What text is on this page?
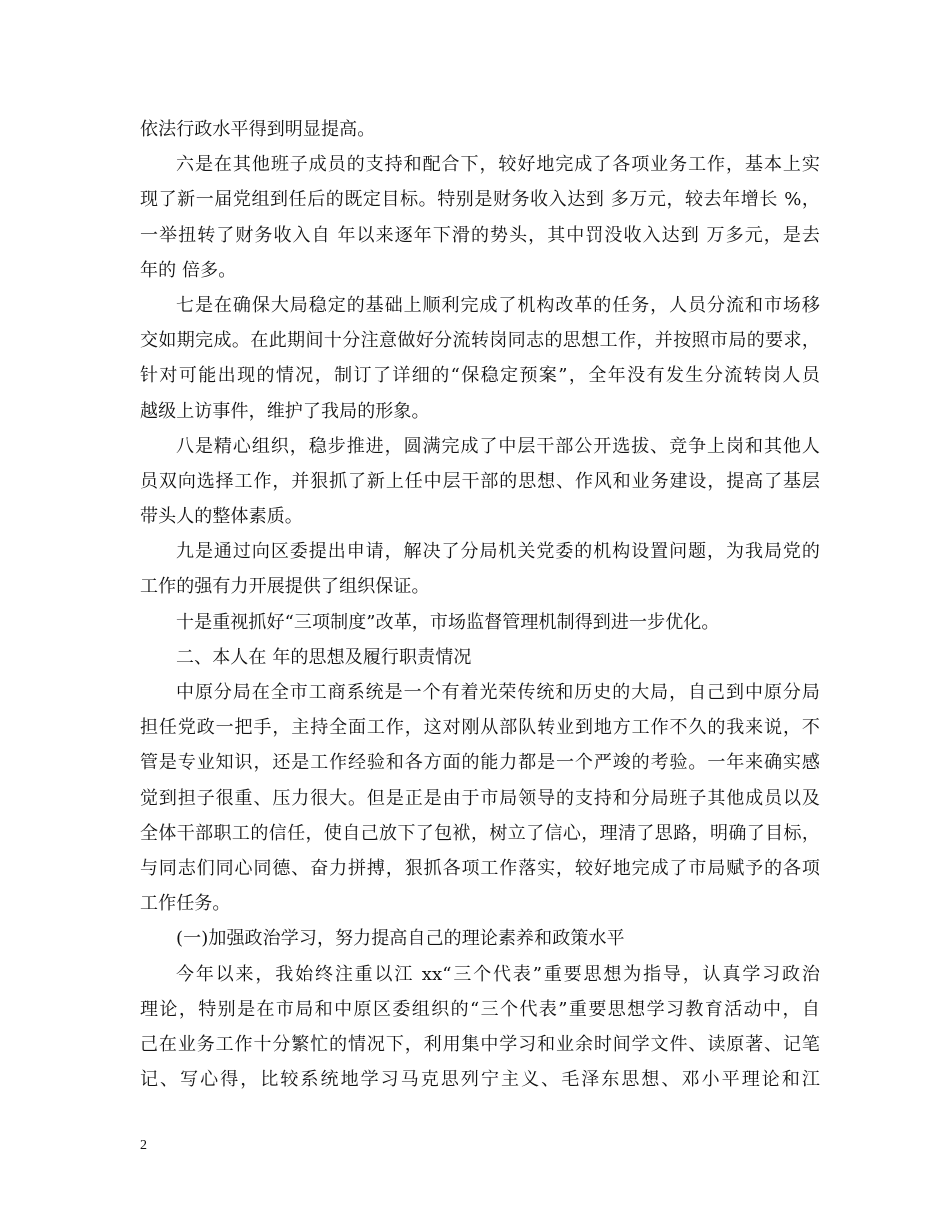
依法行政水平得到明显提高。
六是在其他班子成员的支持和配合下，较好地完成了各项业务工作，基本上实
现了新一届党组到任后的既定目标。特别是财务收入达到 多万元，较去年增长 %，
一举扭转了财务收入自 年以来逐年下滑的势头，其中罚没收入达到 万多元，是去
年的 倍多。
七是在确保大局稳定的基础上顺利完成了机构改革的任务，人员分流和市场移
交如期完成。在此期间十分注意做好分流转岗同志的思想工作，并按照市局的要求，
针对可能出现的情况，制订了详细的“保稳定预案”，全年没有发生分流转岗人员
越级上访事件，维护了我局的形象。
八是精心组织，稳步推进，圆满完成了中层干部公开选拔、竞争上岗和其他人
员双向选择工作，并狠抓了新上任中层干部的思想、作风和业务建设，提高了基层
带头人的整体素质。
九是通过向区委提出申请，解决了分局机关党委的机构设置问题，为我局党的
工作的强有力开展提供了组织保证。
十是重视抓好“三项制度”改革，市场监督管理机制得到进一步优化。
二、本人在 年的思想及履行职责情况
中原分局在全市工商系统是一个有着光荣传统和历史的大局，自己到中原分局
担任党政一把手，主持全面工作，这对刚从部队转业到地方工作不久的我来说，不
管是专业知识，还是工作经验和各方面的能力都是一个严竣的考验。一年来确实感
觉到担子很重、压力很大。但是正是由于市局领导的支持和分局班子其他成员以及
全体干部职工的信任，使自己放下了包袱，树立了信心，理清了思路，明确了目标，
与同志们同心同德、奋力拼搏，狠抓各项工作落实，较好地完成了市局赋予的各项
工作任务。
(一)加强政治学习，努力提高自己的理论素养和政策水平
今年以来，我始终注重以江 xx“三个代表”重要思想为指导，认真学习政治
理论，特别是在市局和中原区委组织的“三个代表”重要思想学习教育活动中，自
己在业务工作十分繁忙的情况下，利用集中学习和业余时间学文件、读原著、记笔
记、写心得，比较系统地学习马克思列宁主义、毛泽东思想、邓小平理论和江
2
